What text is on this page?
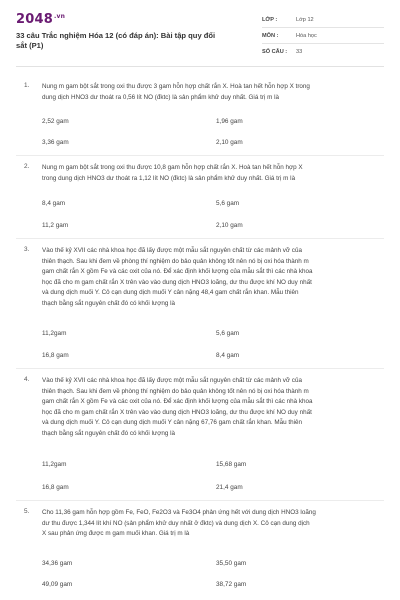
$2048^{.vn}$
33 câu Trắc nghiệm Hóa 12 (có đáp án): Bài tập quy đổi
sắt (P1)
LỚP :	Lớp 12
MÔN :	Hóa học
SỐ CÂU :	33
1. Nung m gam bột sắt trong oxi thu được 3 gam hỗn hợp chất rắn X. Hoà tan hết hỗn hợp X trong
dung dịch HNO3 dư thoát ra 0,56 lít NO (đktc) là sản phẩm khử duy nhất. Giá trị m là
2,52 gam	1,96 gam
3,36 gam	2,10 gam
2. Nung m gam bột sắt trong oxi thu được 10,8 gam hỗn hợp chất rắn X. Hoà tan hết hỗn hợp X
trong dung dịch HNO3 dư thoát ra 1,12 lít NO (đktc) là sản phẩm khử duy nhất. Giá trị m là
8,4 gam	5,6 gam
11,2 gam	2,10 gam
3. Vào thế kỷ XVII các nhà khoa học đã lấy được một mẫu sắt nguyên chất từ các mảnh vỡ của
thiên thạch. Sau khi đem về phòng thí nghiệm do bảo quản không tốt nên nó bị oxi hóa thành m
gam chất rắn X gồm Fe và các oxit của nó. Để xác định khối lượng của mẫu sắt thì các nhà khoa
học đã cho m gam chất rắn X trên vào vào dung dịch HNO3 loãng, dư thu được khí NO duy nhất
và dung dịch muối Y. Cô cạn dung dịch muối Y cân nặng 48,4 gam chất rắn khan. Mẫu thiên
thạch bằng sắt nguyên chất đó có khối lượng là
11,2gam	5,6 gam
16,8 gam	8,4 gam
4. Vào thế kỷ XVII các nhà khoa học đã lấy được một mẫu sắt nguyên chất từ các mảnh vỡ của
thiên thạch. Sau khi đem về phòng thí nghiệm do bảo quản không tốt nên nó bị oxi hóa thành m
gam chất rắn X gồm Fe và các oxit của nó. Để xác định khối lượng của mẫu sắt thì các nhà khoa
học đã cho m gam chất rắn X trên vào vào dung dịch HNO3 loãng, dư thu được khí NO duy nhất
và dung dịch muối Y. Cô cạn dung dịch muối Y cân nặng 67,76 gam chất rắn khan. Mẫu thiên
thạch bằng sắt nguyên chất đó có khối lượng là
11,2gam	15,68 gam
16,8 gam	21,4 gam
5. Cho 11,36 gam hỗn hợp gồm Fe, FeO, Fe2O3 và Fe3O4 phản ứng hết với dung dịch HNO3 loãng
dư thu được 1,344 lít khí NO (sản phẩm khử duy nhất ở đktc) và dung dịch X. Cô cạn dung dịch
X sau phản ứng được m gam muối khan. Giá trị m là
34,36 gam	35,50 gam
49,09 gam	38,72 gam
